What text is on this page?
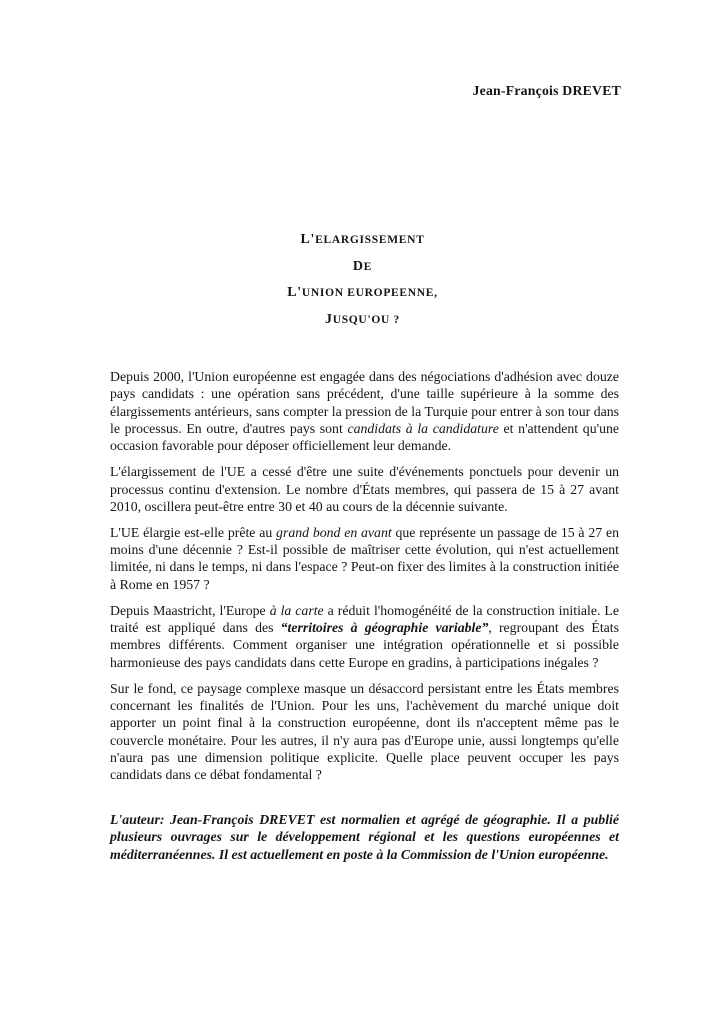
Jean-François DREVET
L'ELARGISSEMENT
DE
L'UNION EUROPEENNE,
JUSQU'OU ?

Depuis 2000, l'Union européenne est engagée dans des négociations d'adhésion avec douze pays candidats : une opération sans précédent, d'une taille supérieure à la somme des élargissements antérieurs, sans compter la pression de la Turquie pour entrer à son tour dans le processus. En outre, d'autres pays sont candidats à la candidature et n'attendent qu'une occasion favorable pour déposer officiellement leur demande.

L'élargissement de l'UE a cessé d'être une suite d'événements ponctuels pour devenir un processus continu d'extension. Le nombre d'États membres, qui passera de 15 à 27 avant 2010, oscillera peut-être entre 30 et 40 au cours de la décennie suivante.

L'UE élargie est-elle prête au grand bond en avant que représente un passage de 15 à 27 en moins d'une décennie ? Est-il possible de maîtriser cette évolution, qui n'est actuellement limitée, ni dans le temps, ni dans l'espace ? Peut-on fixer des limites à la construction initiée à Rome en 1957 ?

Depuis Maastricht, l'Europe à la carte a réduit l'homogénéité de la construction initiale. Le traité est appliqué dans des “territoires à géographie variable”, regroupant des États membres différents. Comment organiser une intégration opérationnelle et si possible harmonieuse des pays candidats dans cette Europe en gradins, à participations inégales ?

Sur le fond, ce paysage complexe masque un désaccord persistant entre les États membres concernant les finalités de l'Union. Pour les uns, l'achèvement du marché unique doit apporter un point final à la construction européenne, dont ils n'acceptent même pas le couvercle monétaire. Pour les autres, il n'y aura pas d'Europe unie, aussi longtemps qu'elle n'aura pas une dimension politique explicite. Quelle place peuvent occuper les pays candidats dans ce débat fondamental ?

L'auteur: Jean-François DREVET est normalien et agrégé de géographie. Il a publié plusieurs ouvrages sur le développement régional et les questions européennes et méditerranéennes. Il est actuellement en poste à la Commission de l'Union européenne.
